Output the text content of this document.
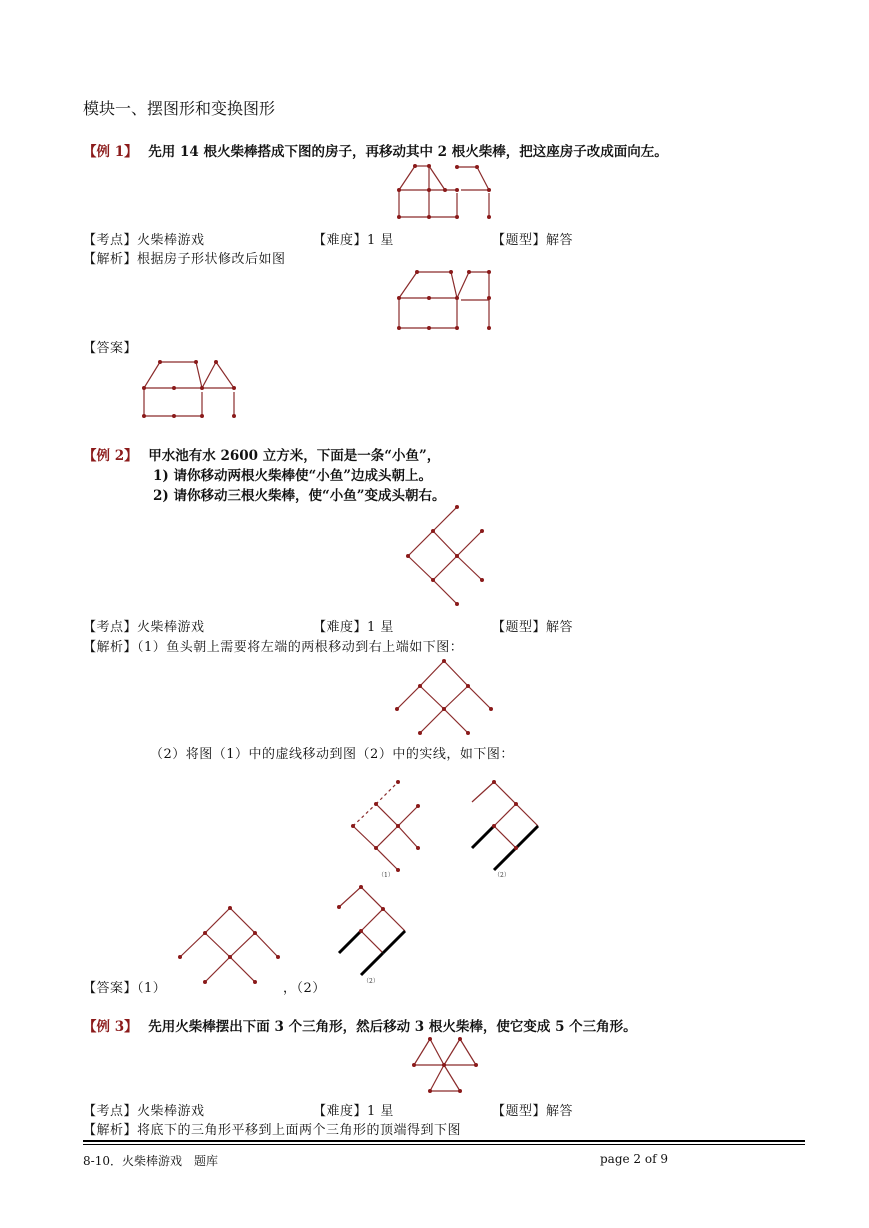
模块一、摆图形和变换图形
【例 1】 先用 14 根火柴棒搭成下图的房子，再移动其中 2 根火柴棒，把这座房子改成面向左。
【考点】火柴棒游戏	【难度】1 星	【题型】解答
【解析】根据房子形状修改后如图
【答案】
【例 2】 甲水池有水 2600 立方米，下面是一条“小鱼”，
1) 请你移动两根火柴棒使“小鱼”边成头朝上。
2) 请你移动三根火柴棒，使“小鱼”变成头朝右。
【考点】火柴棒游戏	【难度】1 星	【题型】解答
【解析】（1）鱼头朝上需要将左端的两根移动到右上端如下图：
（2）将图（1）中的虚线移动到图（2）中的实线，如下图：
（1）	（2）
【答案】（1）	，（2）	（2）
【例 3】 先用火柴棒摆出下面 3 个三角形，然后移动 3 根火柴棒，使它变成 5 个三角形。
【考点】火柴棒游戏	【难度】1 星	【题型】解答
【解析】将底下的三角形平移到上面两个三角形的顶端得到下图
8-10．火柴棒游戏　题库	page 2 of 9
